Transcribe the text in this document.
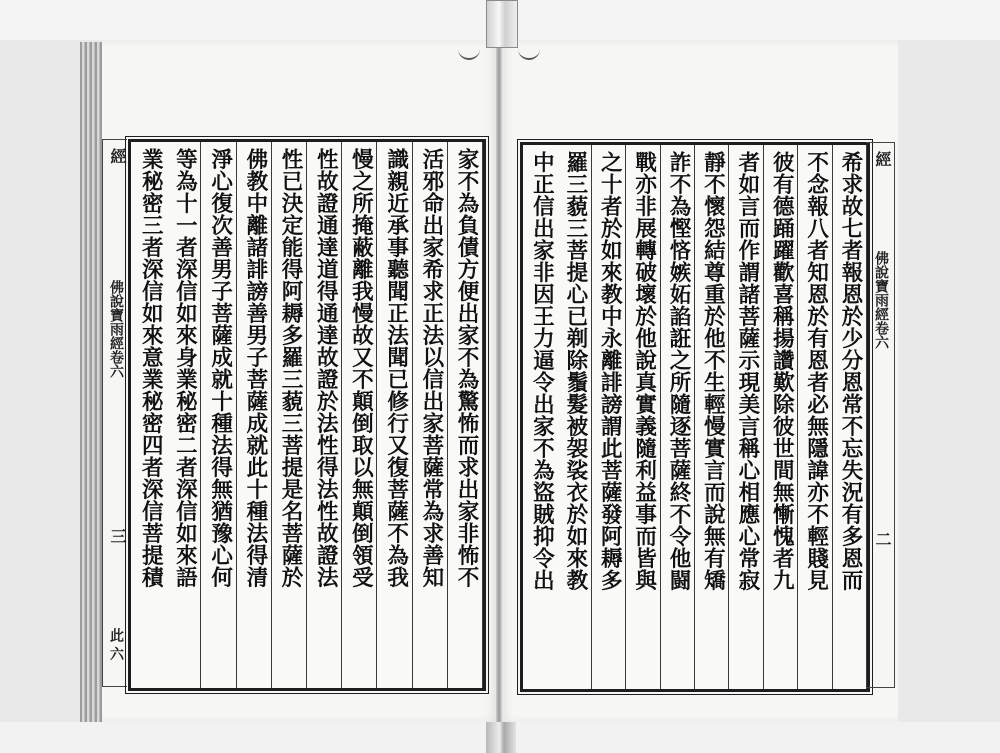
經
佛說寶雨經卷六
三
此 六
家不為負債方便出家不為驚怖而求出家非怖不
活邪命出家希求正法以信出家菩薩常為求善知
識親近承事聽聞正法聞已修行又復菩薩不為我
慢之所掩蔽離我慢故又不顛倒取以無顛倒領受
性故證通達道得通達故證於法性得法性故證法
性已決定能得阿耨多羅三藐三菩提是名菩薩於
佛教中離諸誹謗善男子菩薩成就此十種法得清
淨心復次善男子菩薩成就十種法得無猶豫心何
等為十一者深信如來身業秘密二者深信如來語
業秘密三者深信如來意業秘密四者深信菩提積	希求故七者報恩於少分恩常不忘失況有多恩而
不念報八者知恩於有恩者必無隱諱亦不輕賤見
彼有德踊躍歡喜稱揚讚歎除彼世間無慚愧者九
者如言而作謂諸菩薩示現美言稱心相應心常寂
靜不懷怨結尊重於他不生輕慢實言而說無有矯
詐不為慳悋嫉妬諂誑之所隨逐菩薩終不令他闘
戰亦非展轉破壞於他說真實義隨利益事而皆與
之十者於如來教中永離誹謗謂此菩薩發阿耨多
羅三藐三菩提心已剃除鬚髮被袈裟衣於如來教
中正信出家非因王力逼令出家不為盜賊抑令出	經
佛說寶雨經卷六
二
